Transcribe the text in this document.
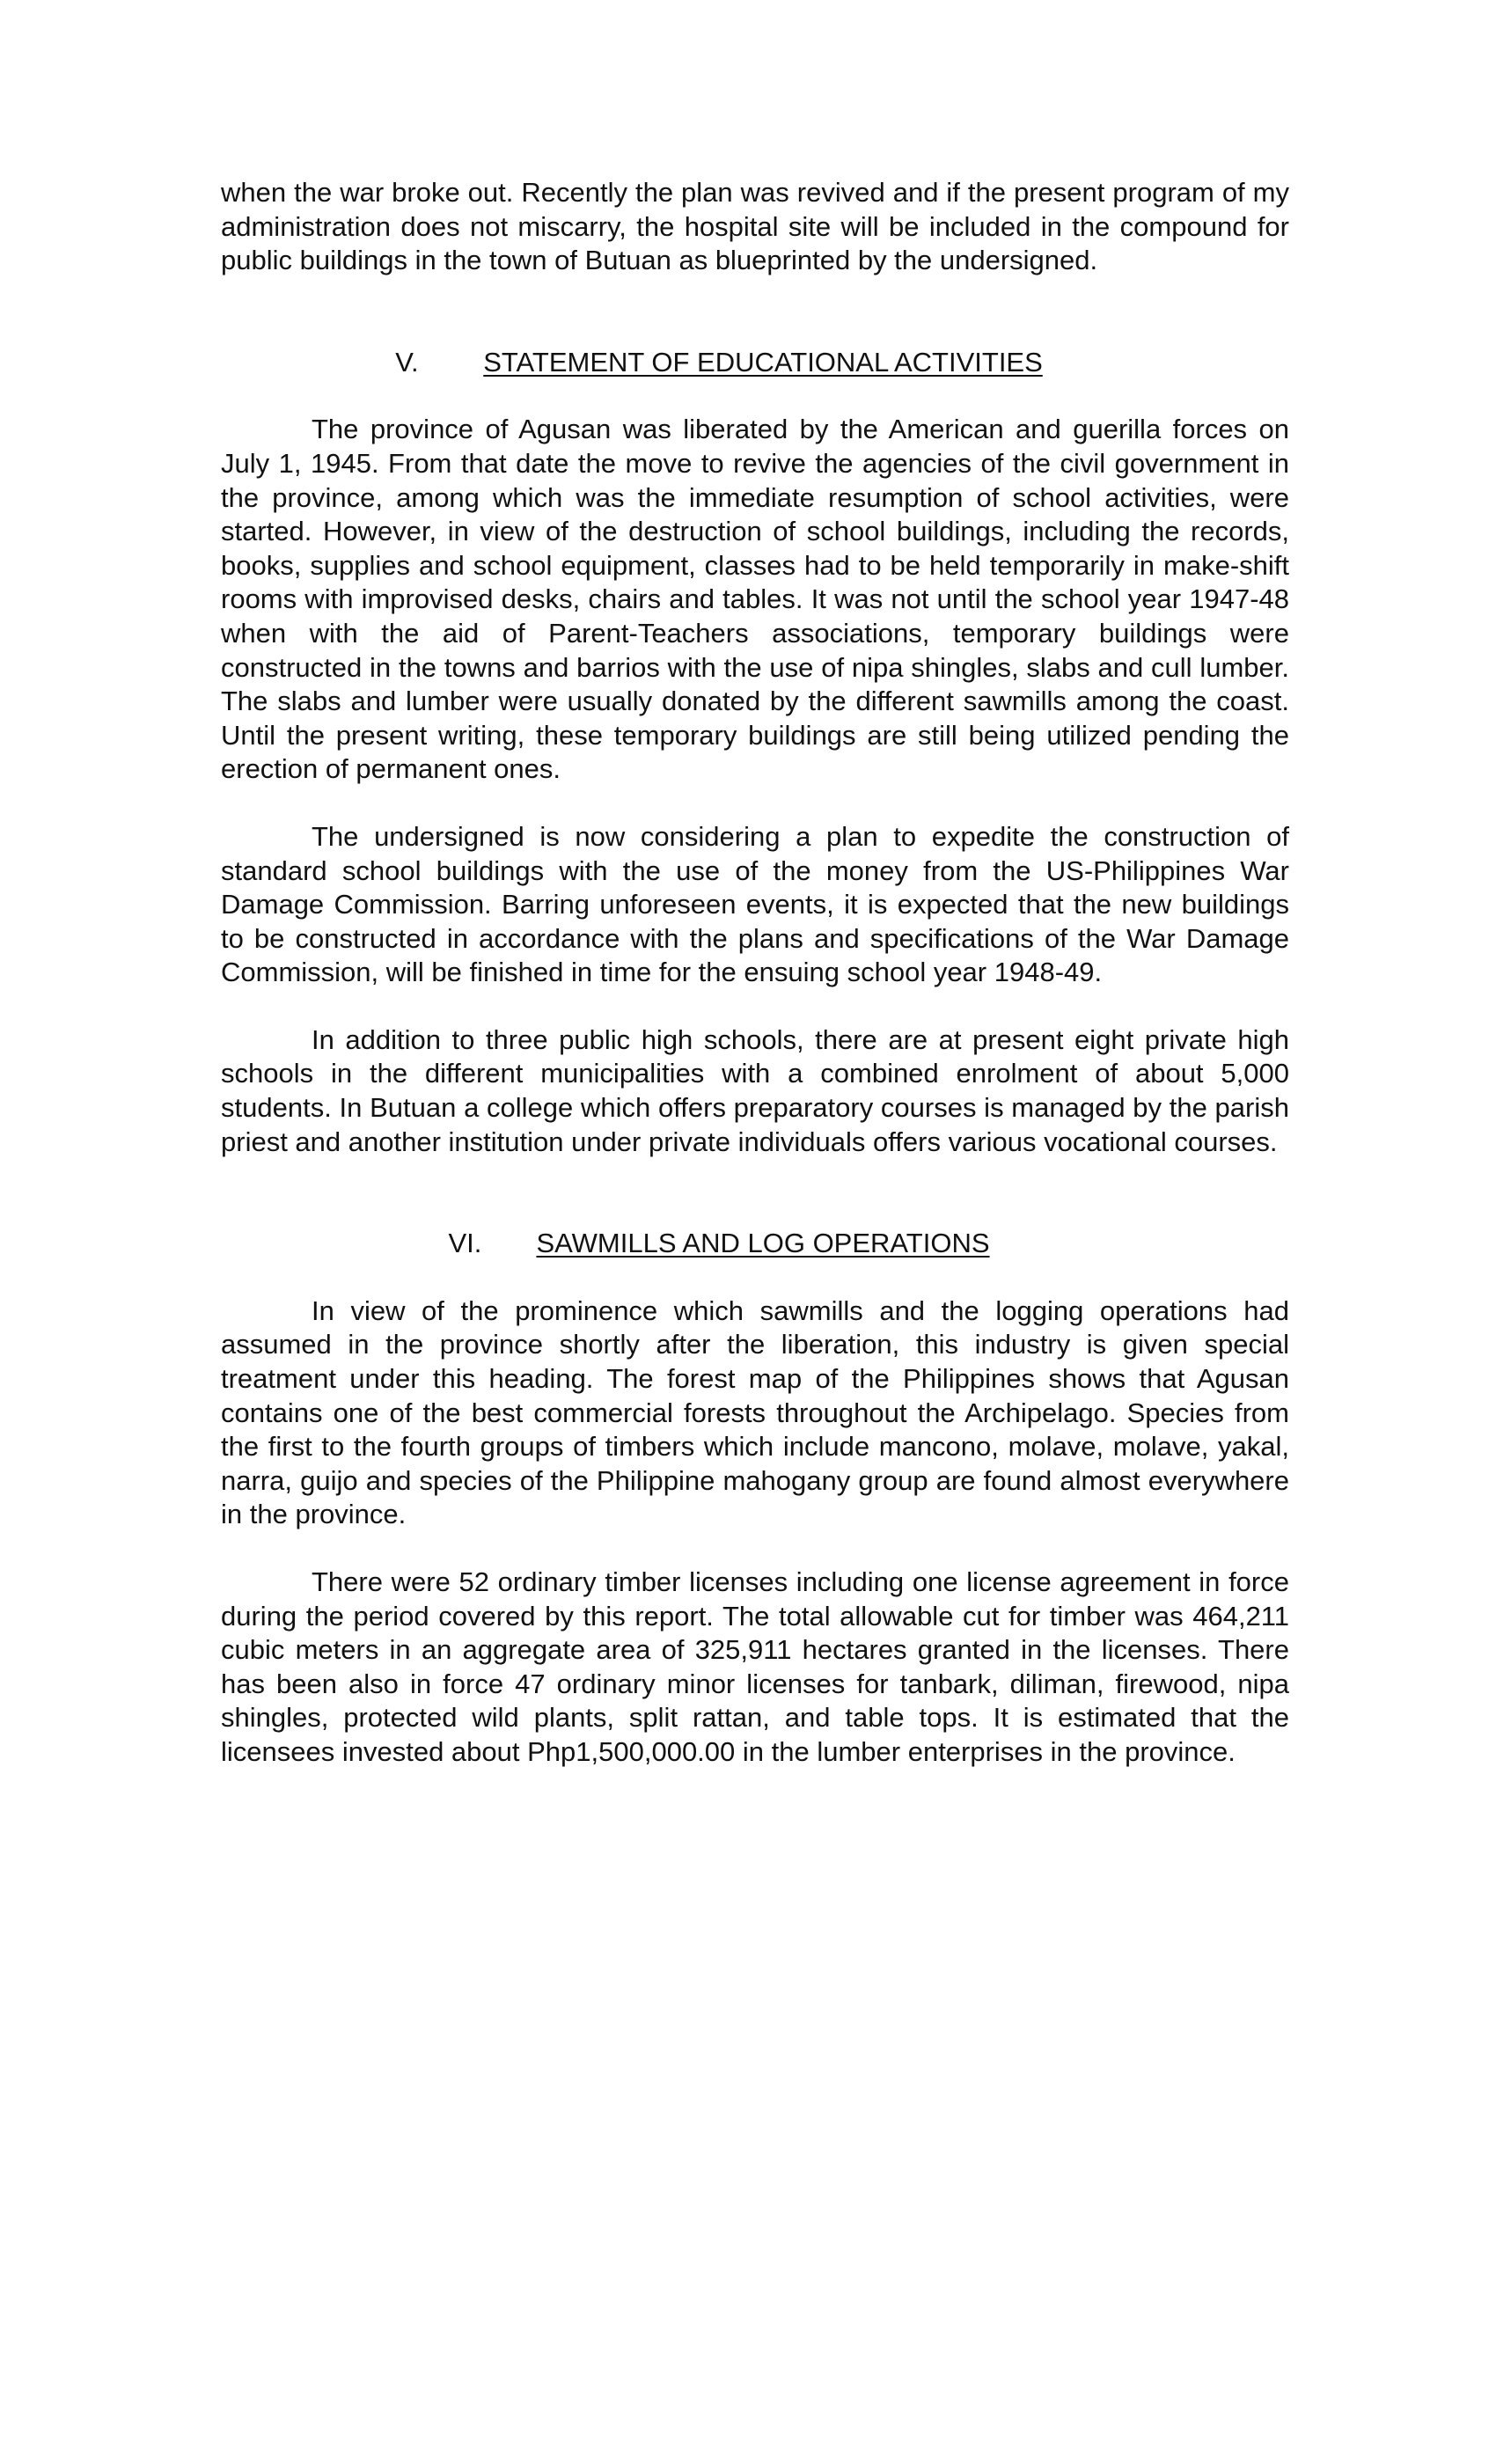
when the war broke out. Recently the plan was revived and if the present program of my administration does not miscarry, the hospital site will be included in the compound for public buildings in the town of Butuan as blueprinted by the undersigned.

V. STATEMENT OF EDUCATIONAL ACTIVITIES

The province of Agusan was liberated by the American and guerilla forces on July 1, 1945. From that date the move to revive the agencies of the civil government in the province, among which was the immediate resumption of school activities, were started. However, in view of the destruction of school buildings, including the records, books, supplies and school equipment, classes had to be held temporarily in make-shift rooms with improvised desks, chairs and tables. It was not until the school year 1947-48 when with the aid of Parent-Teachers associations, temporary buildings were constructed in the towns and barrios with the use of nipa shingles, slabs and cull lumber. The slabs and lumber were usually donated by the different sawmills among the coast. Until the present writing, these temporary buildings are still being utilized pending the erection of permanent ones.

The undersigned is now considering a plan to expedite the construction of standard school buildings with the use of the money from the US-Philippines War Damage Commission. Barring unforeseen events, it is expected that the new buildings to be constructed in accordance with the plans and specifications of the War Damage Commission, will be finished in time for the ensuing school year 1948-49.

In addition to three public high schools, there are at present eight private high schools in the different municipalities with a combined enrolment of about 5,000 students. In Butuan a college which offers preparatory courses is managed by the parish priest and another institution under private individuals offers various vocational courses.

VI. SAWMILLS AND LOG OPERATIONS

In view of the prominence which sawmills and the logging operations had assumed in the province shortly after the liberation, this industry is given special treatment under this heading. The forest map of the Philippines shows that Agusan contains one of the best commercial forests throughout the Archipelago. Species from the first to the fourth groups of timbers which include mancono, molave, molave, yakal, narra, guijo and species of the Philippine mahogany group are found almost everywhere in the province.

There were 52 ordinary timber licenses including one license agreement in force during the period covered by this report. The total allowable cut for timber was 464,211 cubic meters in an aggregate area of 325,911 hectares granted in the licenses. There has been also in force 47 ordinary minor licenses for tanbark, diliman, firewood, nipa shingles, protected wild plants, split rattan, and table tops. It is estimated that the licensees invested about Php1,500,000.00 in the lumber enterprises in the province.
